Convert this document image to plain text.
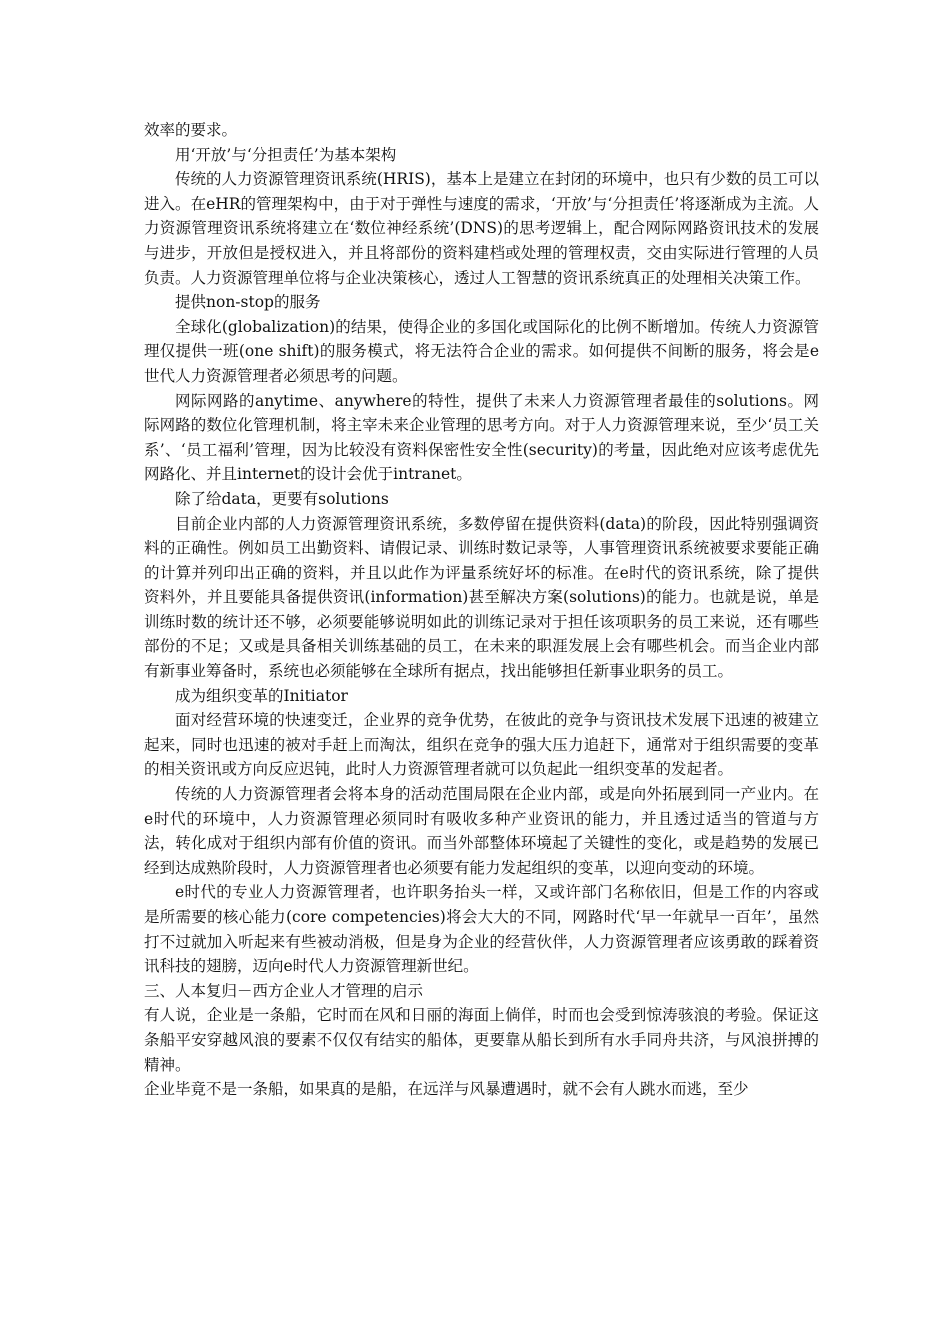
效率的要求。

用‘开放’与‘分担责任’为基本架构

传统的人力资源管理资讯系统(HRIS)，基本上是建立在封闭的环境中，也只有少数的员工可以进入。在eHR的管理架构中，由于对于弹性与速度的需求，‘开放’与‘分担责任’将逐渐成为主流。人力资源管理资讯系统将建立在‘数位神经系统’(DNS)的思考逻辑上，配合网际网路资讯技术的发展与进步，开放但是授权进入，并且将部份的资料建档或处理的管理权责，交由实际进行管理的人员负责。人力资源管理单位将与企业决策核心，透过人工智慧的资讯系统真正的处理相关决策工作。

提供non-stop的服务

全球化(globalization)的结果，使得企业的多国化或国际化的比例不断增加。传统人力资源管理仅提供一班(one shift)的服务模式，将无法符合企业的需求。如何提供不间断的服务，将会是e世代人力资源管理者必须思考的问题。

网际网路的anytime、anywhere的特性，提供了未来人力资源管理者最佳的solutions。网际网路的数位化管理机制，将主宰未来企业管理的思考方向。对于人力资源管理来说，至少‘员工关系’、‘员工福利’管理，因为比较没有资料保密性安全性(security)的考量，因此绝对应该考虑优先网路化、并且internet的设计会优于intranet。

除了给data，更要有solutions

目前企业内部的人力资源管理资讯系统，多数停留在提供资料(data)的阶段，因此特别强调资料的正确性。例如员工出勤资料、请假记录、训练时数记录等，人事管理资讯系统被要求要能正确的计算并列印出正确的资料，并且以此作为评量系统好坏的标准。在e时代的资讯系统，除了提供资料外，并且要能具备提供资讯(information)甚至解决方案(solutions)的能力。也就是说，单是训练时数的统计还不够，必须要能够说明如此的训练记录对于担任该项职务的员工来说，还有哪些部份的不足；又或是具备相关训练基础的员工，在未来的职涯发展上会有哪些机会。而当企业内部有新事业筹备时，系统也必须能够在全球所有据点，找出能够担任新事业职务的员工。

成为组织变革的Initiator

面对经营环境的快速变迁，企业界的竞争优势，在彼此的竞争与资讯技术发展下迅速的被建立起来，同时也迅速的被对手赶上而淘汰，组织在竞争的强大压力追赶下，通常对于组织需要的变革的相关资讯或方向反应迟钝，此时人力资源管理者就可以负起此一组织变革的发起者。

传统的人力资源管理者会将本身的活动范围局限在企业内部，或是向外拓展到同一产业内。在e时代的环境中，人力资源管理必须同时有吸收多种产业资讯的能力，并且透过适当的管道与方法，转化成对于组织内部有价值的资讯。而当外部整体环境起了关键性的变化，或是趋势的发展已经到达成熟阶段时，人力资源管理者也必须要有能力发起组织的变革，以迎向变动的环境。

e时代的专业人力资源管理者，也许职务抬头一样，又或许部门名称依旧，但是工作的内容或是所需要的核心能力(core competencies)将会大大的不同，网路时代‘早一年就早一百年’，虽然打不过就加入听起来有些被动消极，但是身为企业的经营伙伴，人力资源管理者应该勇敢的踩着资讯科技的翅膀，迈向e时代人力资源管理新世纪。

三、人本复归－西方企业人才管理的启示

有人说，企业是一条船，它时而在风和日丽的海面上倘佯，时而也会受到惊涛骇浪的考验。保证这条船平安穿越风浪的要素不仅仅有结实的船体，更要靠从船长到所有水手同舟共济，与风浪拼搏的精神。

企业毕竟不是一条船，如果真的是船，在远洋与风暴遭遇时，就不会有人跳水而逃，至少
